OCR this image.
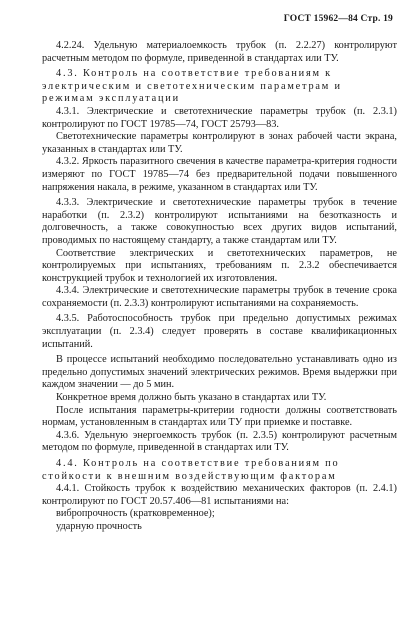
ГОСТ 15962—84 Стр. 19

4.2.24. Удельную материалоемкость трубок (п. 2.2.27) контролируют расчетным методом по формуле, приведенной в стандартах или ТУ.

4.3. Контроль на соответствие требованиям к электрическим и светотехническим параметрам и режимам эксплуатации

4.3.1. Электрические и светотехнические параметры трубок (п. 2.3.1) контролируют по ГОСТ 19785—74, ГОСТ 25793—83.

Светотехнические параметры контролируют в зонах рабочей части экрана, указанных в стандартах или ТУ.

4.3.2. Яркость паразитного свечения в качестве параметра-критерия годности измеряют по ГОСТ 19785—74 без предварительной подачи повышенного напряжения накала, в режиме, указанном в стандартах или ТУ.

4.3.3. Электрические и светотехнические параметры трубок в течение наработки (п. 2.3.2) контролируют испытаниями на безотказность и долговечность, а также совокупностью всех других видов испытаний, проводимых по настоящему стандарту, а также стандартам или ТУ.

Соответствие электрических и светотехнических параметров, не контролируемых при испытаниях, требованиям п. 2.3.2 обеспечивается конструкцией трубок и технологией их изготовления.

4.3.4. Электрические и светотехнические параметры трубок в течение срока сохраняемости (п. 2.3.3) контролируют испытаниями на сохраняемость.

4.3.5. Работоспособность трубок при предельно допустимых режимах эксплуатации (п. 2.3.4) следует проверять в составе квалификационных испытаний.

В процессе испытаний необходимо последовательно устанавливать одно из предельно допустимых значений электрических режимов. Время выдержки при каждом значении — до 5 мин.

Конкретное время должно быть указано в стандартах или ТУ.

После испытания параметры-критерии годности должны соответствовать нормам, установленным в стандартах или ТУ при приемке и поставке.

4.3.6. Удельную энергоемкость трубок (п. 2.3.5) контролируют расчетным методом по формуле, приведенной в стандартах или ТУ.

4.4. Контроль на соответствие требованиям по стойкости к внешним воздействующим факторам

4.4.1. Стойкость трубок к воздействию механических факторов (п. 2.4.1) контролируют по ГОСТ 20.57.406—81 испытаниями на:

вибропрочность (кратковременное);

ударную прочность
